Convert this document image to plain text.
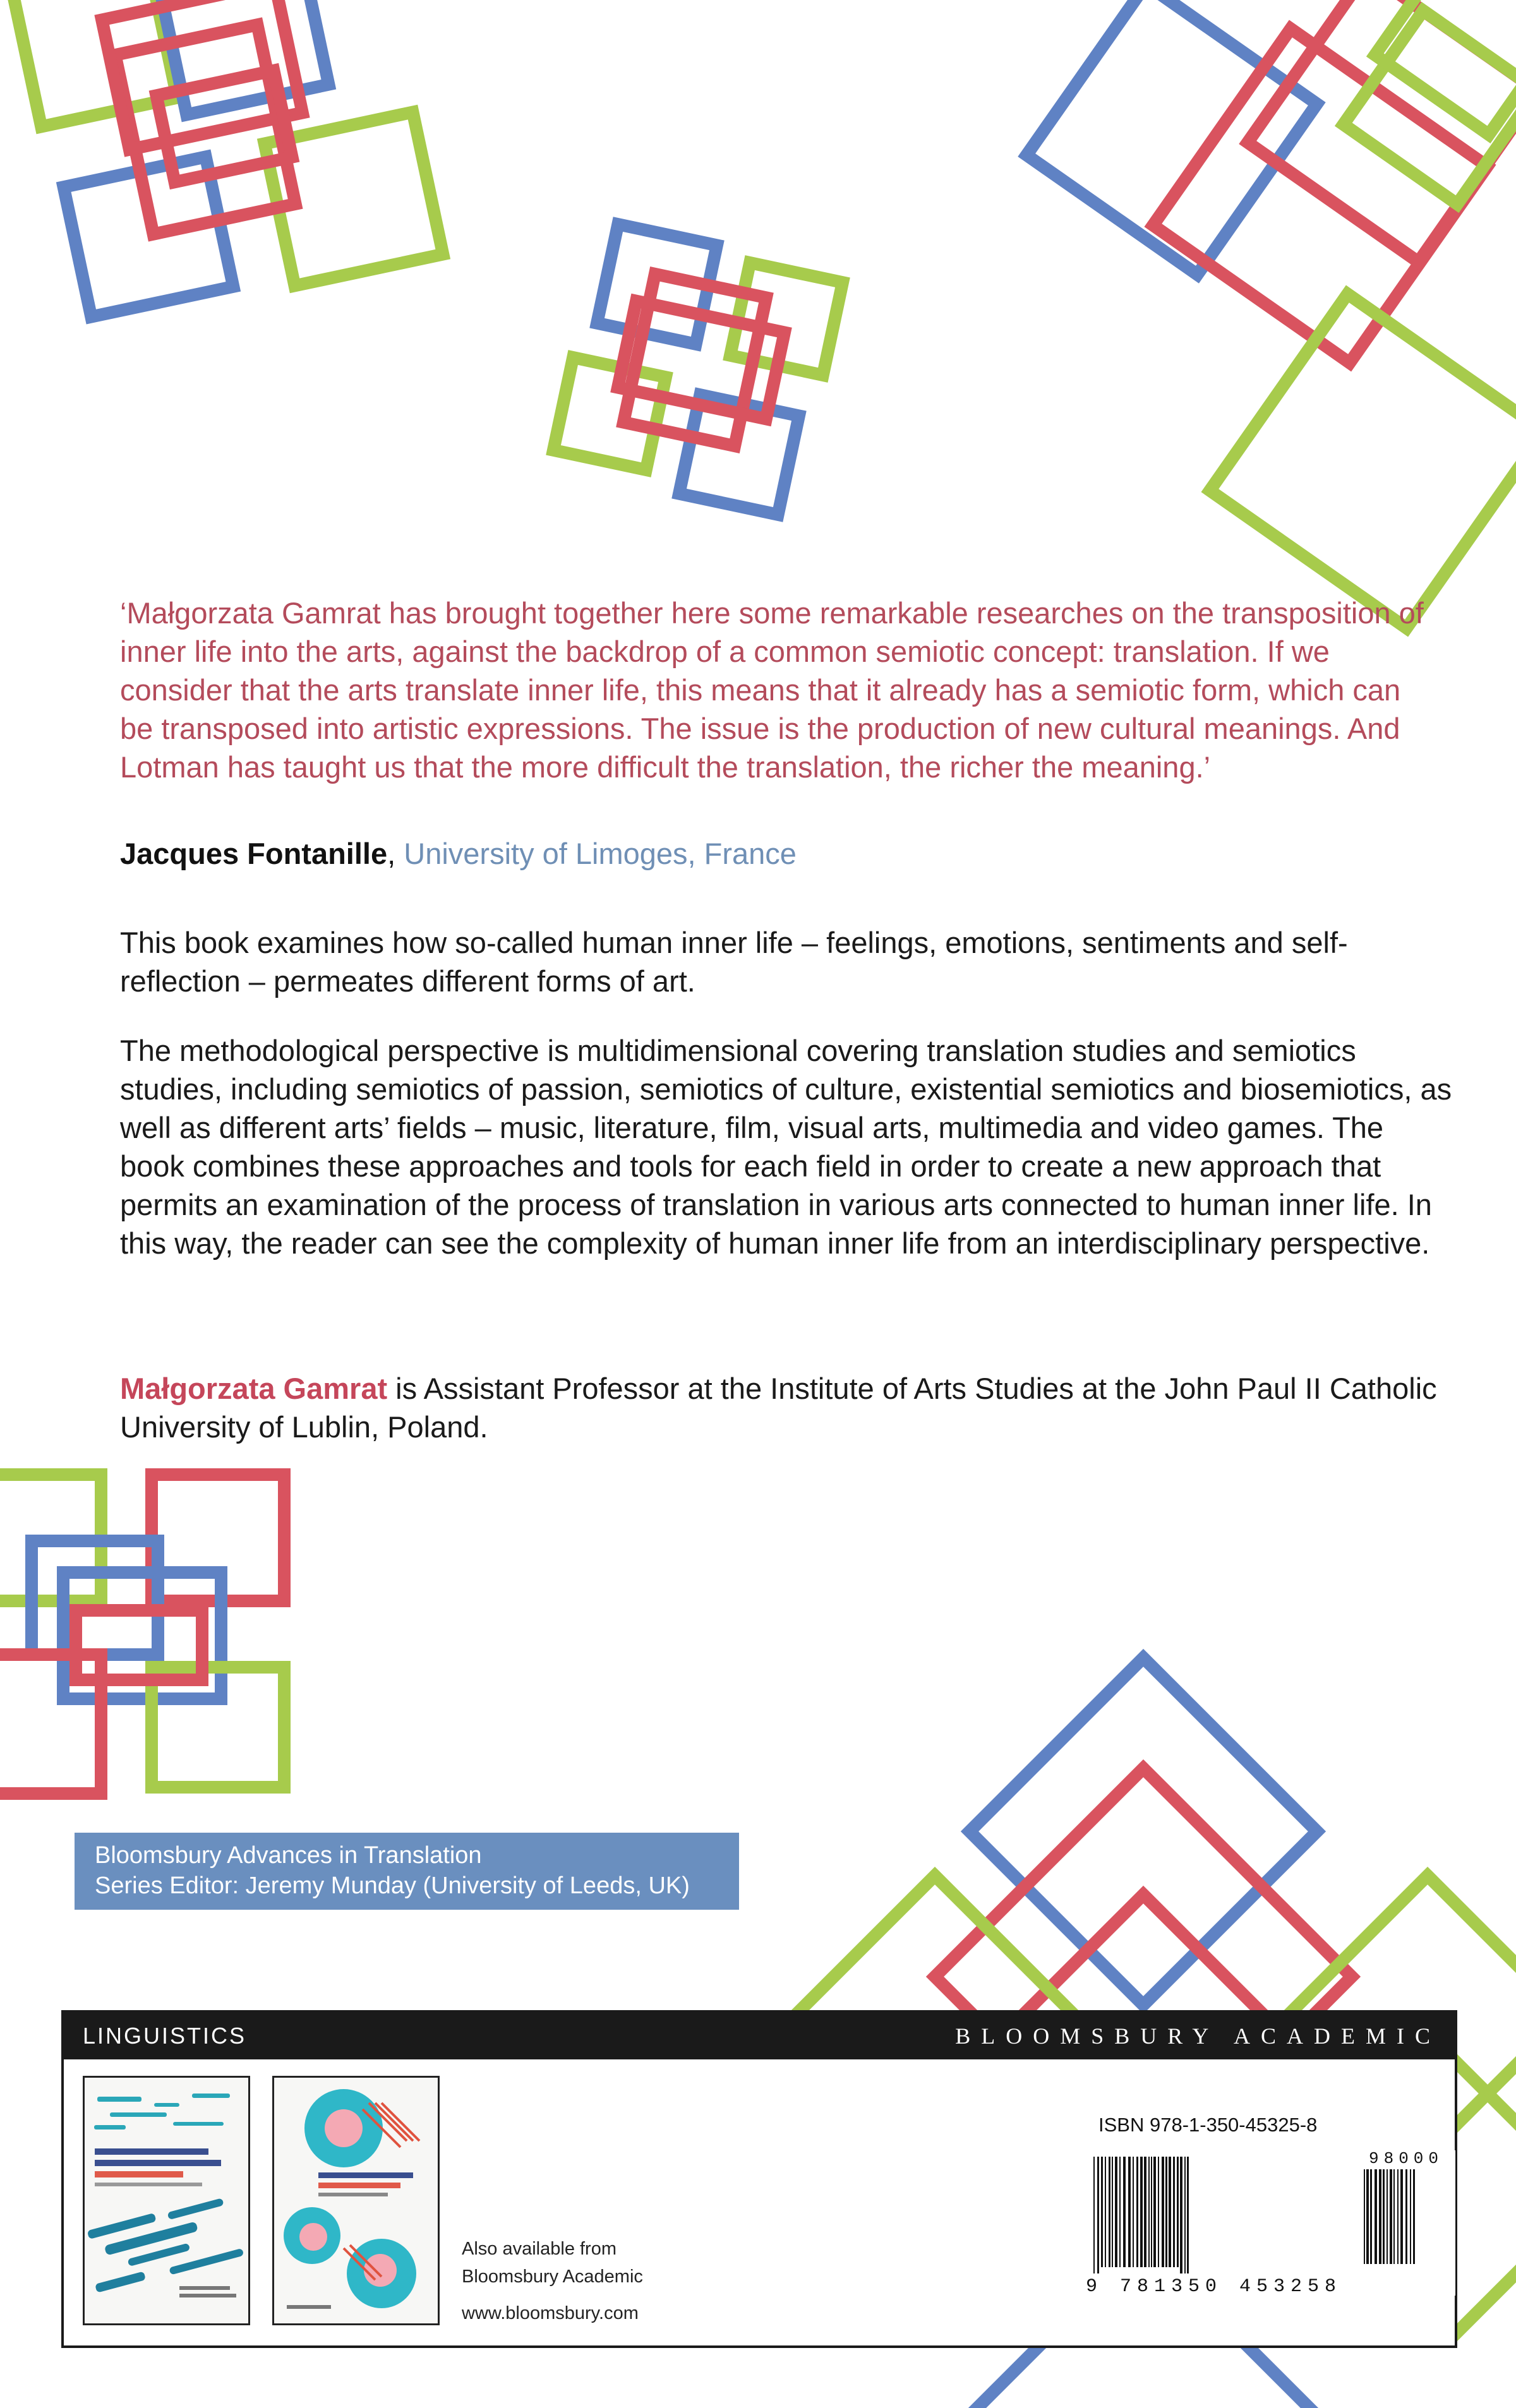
‘Małgorzata Gamrat has brought together here some remarkable researches on the transposition of inner life into the arts, against the backdrop of a common semiotic concept: translation. If we consider that the arts translate inner life, this means that it already has a semiotic form, which can be transposed into artistic expressions. The issue is the production of new cultural meanings. And Lotman has taught us that the more difficult the translation, the richer the meaning.’

Jacques Fontanille, University of Limoges, France

This book examines how so-called human inner life – feelings, emotions, sentiments and self-reflection – permeates different forms of art.

The methodological perspective is multidimensional covering translation studies and semiotics studies, including semiotics of passion, semiotics of culture, existential semiotics and biosemiotics, as well as different arts’ fields – music, literature, film, visual arts, multimedia and video games. The book combines these approaches and tools for each field in order to create a new approach that permits an examination of the process of translation in various arts connected to human inner life. In this way, the reader can see the complexity of human inner life from an interdisciplinary perspective.

Małgorzata Gamrat is Assistant Professor at the Institute of Arts Studies at the John Paul II Catholic University of Lublin, Poland.

Bloomsbury Advances in Translation
Series Editor: Jeremy Munday (University of Leeds, UK)
LINGUISTICS	BLOOMSBURY ACADEMIC
Also available from
Bloomsbury Academic
www.bloomsbury.com
ISBN 978-1-350-45325-8
9 781350 453258
98000
